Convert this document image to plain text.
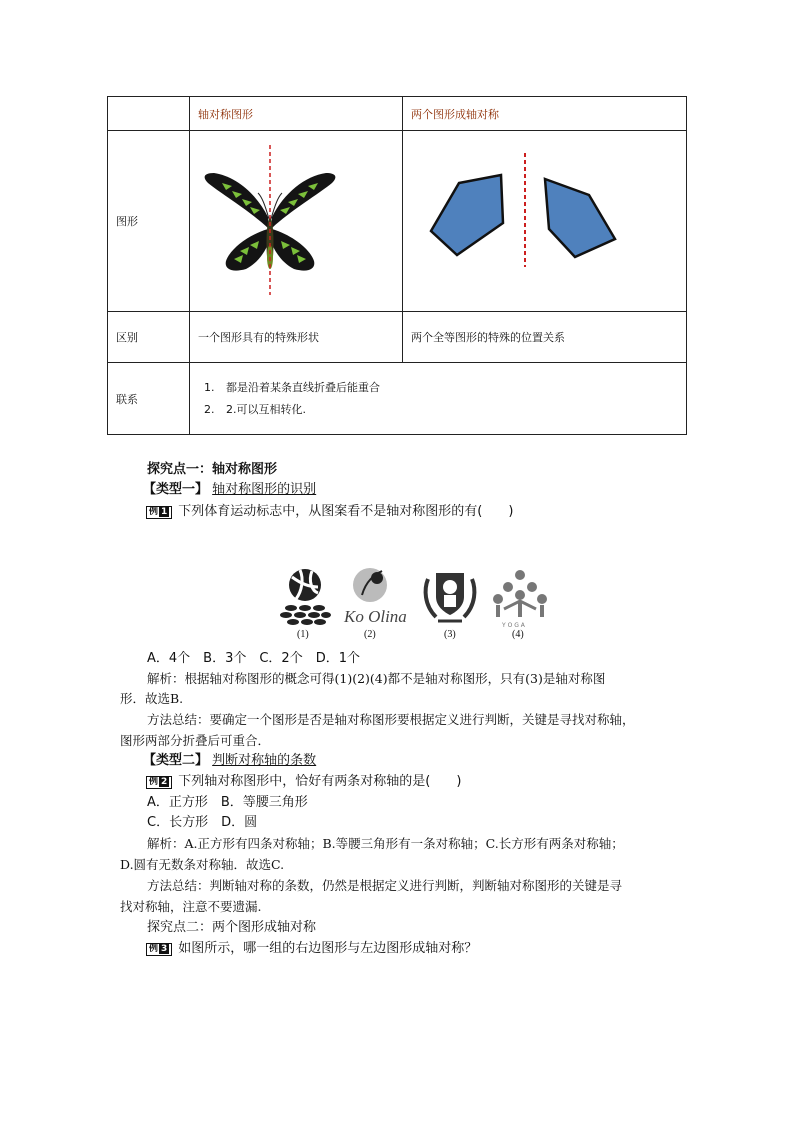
	轴对称图形	两个图形成轴对称
图形	

区别	一个图形具有的特殊形状	两个全等图形的特殊的位置关系
联系	1. 都是沿着某条直线折叠后能重合
2. 2.可以互相转化.	
探究点一：轴对称图形
【类型一】 轴对称图形的识别
例 1 下列体育运动标志中，从图案看不是轴对称图形的有(　　)
Ko Olina	Y O G A
(1)	(2)	(3)	(4)
A．4个　B．3个　C．2个　D．1个
解析：根据轴对称图形的概念可得(1)(2)(4)都不是轴对称图形，只有(3)是轴对称图
形．故选B.
方法总结：要确定一个图形是否是轴对称图形要根据定义进行判断，关键是寻找对称轴，
图形两部分折叠后可重合．
【类型二】 判断对称轴的条数
例 2 下列轴对称图形中，恰好有两条对称轴的是(　　)
A．正方形　B．等腰三角形
C．长方形　D．圆
解析：A.正方形有四条对称轴；B.等腰三角形有一条对称轴；C.长方形有两条对称轴；
D.圆有无数条对称轴．故选C.
方法总结：判断轴对称的条数，仍然是根据定义进行判断，判断轴对称图形的关键是寻
找对称轴，注意不要遗漏.
探究点二：两个图形成轴对称
例 3 如图所示，哪一组的右边图形与左边图形成轴对称？
